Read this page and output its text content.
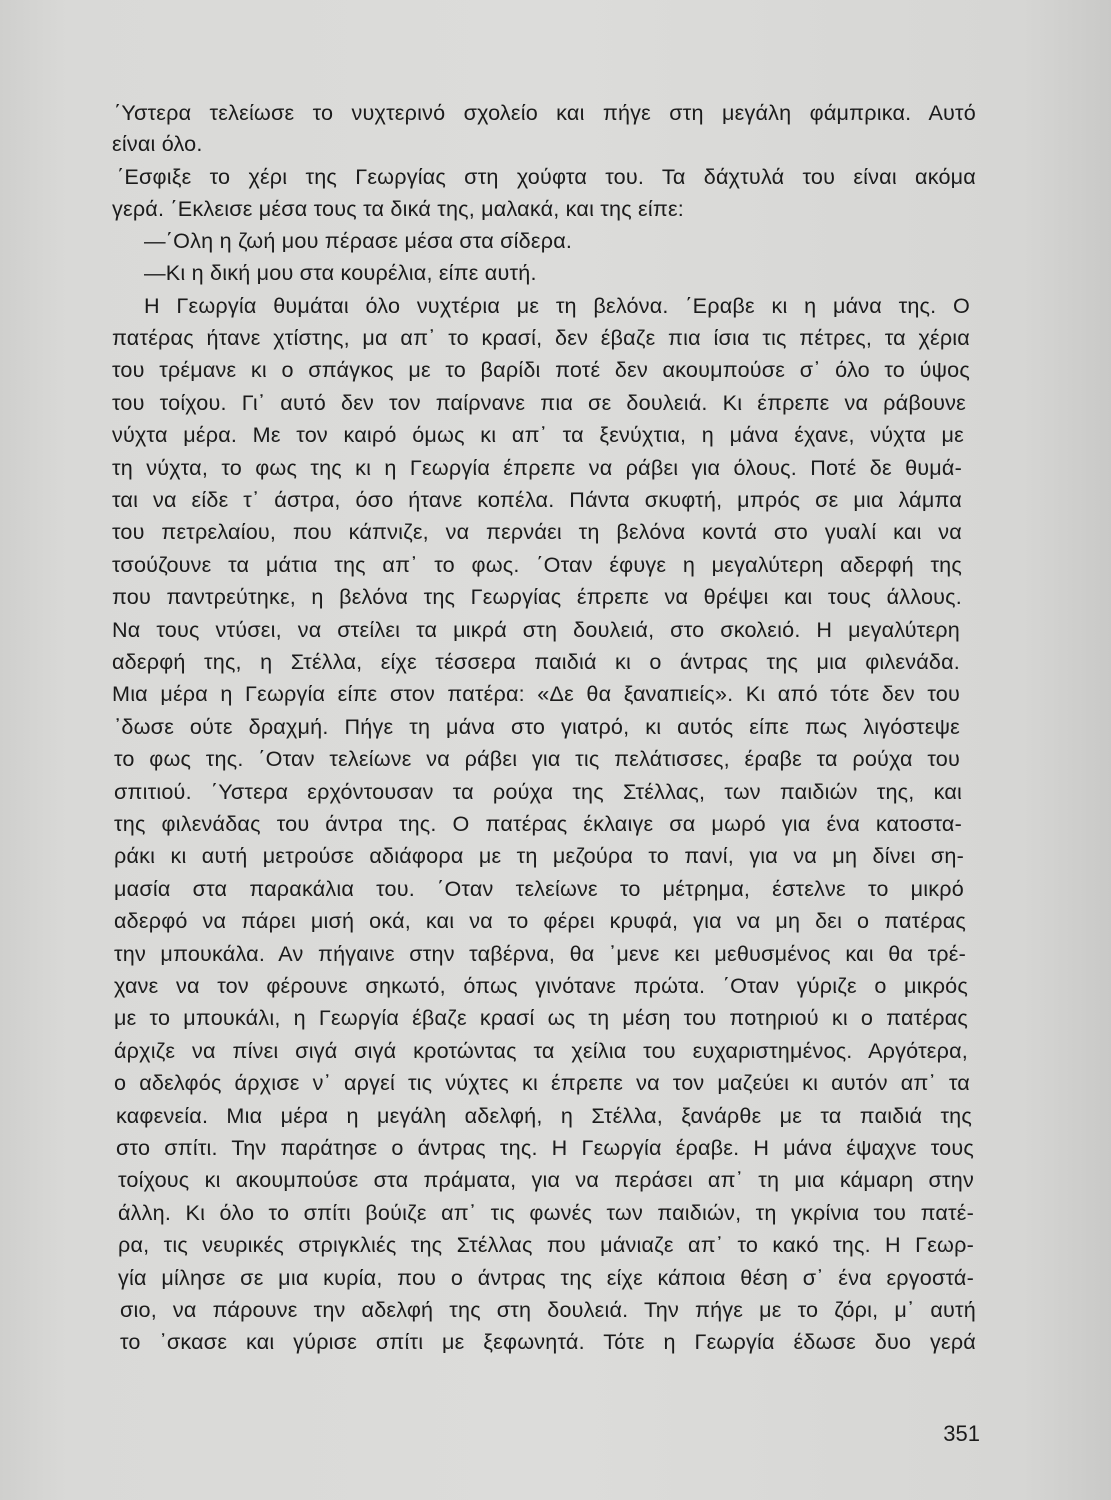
΄Υστερα τελείωσε το νυχτερινό σχολείο και πήγε στη μεγάλη φάμπρικα. Αυτό
είναι όλο.
΄Εσφιξε το χέρι της Γεωργίας στη χούφτα του. Τα δάχτυλά του είναι ακόμα
γερά. ΄Εκλεισε μέσα τους τα δικά της, μαλακά, και της είπε:
—΄Ολη η ζωή μου πέρασε μέσα στα σίδερα.
—Κι η δική μου στα κουρέλια, είπε αυτή.
Η Γεωργία θυμάται όλο νυχτέρια με τη βελόνα. ΄Εραβε κι η μάνα της. Ο
πατέρας ήτανε χτίστης, μα απ᾽ το κρασί, δεν έβαζε πια ίσια τις πέτρες, τα χέρια
του τρέμανε κι ο σπάγκος με το βαρίδι ποτέ δεν ακουμπούσε σ᾽ όλο το ύψος
του τοίχου. Γι᾽ αυτό δεν τον παίρνανε πια σε δουλειά. Κι έπρεπε να ράβουνε
νύχτα μέρα. Με τον καιρό όμως κι απ᾽ τα ξενύχτια, η μάνα έχανε, νύχτα με
τη νύχτα, το φως της κι η Γεωργία έπρεπε να ράβει για όλους. Ποτέ δε θυμά-
ται να είδε τ᾽ άστρα, όσο ήτανε κοπέλα. Πάντα σκυφτή, μπρός σε μια λάμπα
του πετρελαίου, που κάπνιζε, να περνάει τη βελόνα κοντά στο γυαλί και να
τσούζουνε τα μάτια της απ᾽ το φως. ΄Οταν έφυγε η μεγαλύτερη αδερφή της
που παντρεύτηκε, η βελόνα της Γεωργίας έπρεπε να θρέψει και τους άλλους.
Να τους ντύσει, να στείλει τα μικρά στη δουλειά, στο σκολειό. Η μεγαλύτερη
αδερφή της, η Στέλλα, είχε τέσσερα παιδιά κι ο άντρας της μια φιλενάδα.
Μια μέρα η Γεωργία είπε στον πατέρα: «Δε θα ξαναπιείς». Κι από τότε δεν του
᾽δωσε ούτε δραχμή. Πήγε τη μάνα στο γιατρό, κι αυτός είπε πως λιγόστεψε
το φως της. ΄Οταν τελείωνε να ράβει για τις πελάτισσες, έραβε τα ρούχα του
σπιτιού. ΄Υστερα ερχόντουσαν τα ρούχα της Στέλλας, των παιδιών της, και
της φιλενάδας του άντρα της. Ο πατέρας έκλαιγε σα μωρό για ένα κατοστα-
ράκι κι αυτή μετρούσε αδιάφορα με τη μεζούρα το πανί, για να μη δίνει ση-
μασία στα παρακάλια του. ΄Οταν τελείωνε το μέτρημα, έστελνε το μικρό
αδερφό να πάρει μισή οκά, και να το φέρει κρυφά, για να μη δει ο πατέρας
την μπουκάλα. Αν πήγαινε στην ταβέρνα, θα ᾽μενε κει μεθυσμένος και θα τρέ-
χανε να τον φέρουνε σηκωτό, όπως γινότανε πρώτα. ΄Οταν γύριζε ο μικρός
με το μπουκάλι, η Γεωργία έβαζε κρασί ως τη μέση του ποτηριού κι ο πατέρας
άρχιζε να πίνει σιγά σιγά κροτώντας τα χείλια του ευχαριστημένος. Αργότερα,
ο αδελφός άρχισε ν᾽ αργεί τις νύχτες κι έπρεπε να τον μαζεύει κι αυτόν απ᾽ τα
καφενεία. Μια μέρα η μεγάλη αδελφή, η Στέλλα, ξανάρθε με τα παιδιά της
στο σπίτι. Την παράτησε ο άντρας της. Η Γεωργία έραβε. Η μάνα έψαχνε τους
τοίχους κι ακουμπούσε στα πράματα, για να περάσει απ᾽ τη μια κάμαρη στην
άλλη. Κι όλο το σπίτι βούιζε απ᾽ τις φωνές των παιδιών, τη γκρίνια του πατέ-
ρα, τις νευρικές στριγκλιές της Στέλλας που μάνιαζε απ᾽ το κακό της. Η Γεωρ-
γία μίλησε σε μια κυρία, που ο άντρας της είχε κάποια θέση σ᾽ ένα εργοστά-
σιο, να πάρουνε την αδελφή της στη δουλειά. Την πήγε με το ζόρι, μ᾽ αυτή
το ᾽σκασε και γύρισε σπίτι με ξεφωνητά. Τότε η Γεωργία έδωσε δυο γερά
351
